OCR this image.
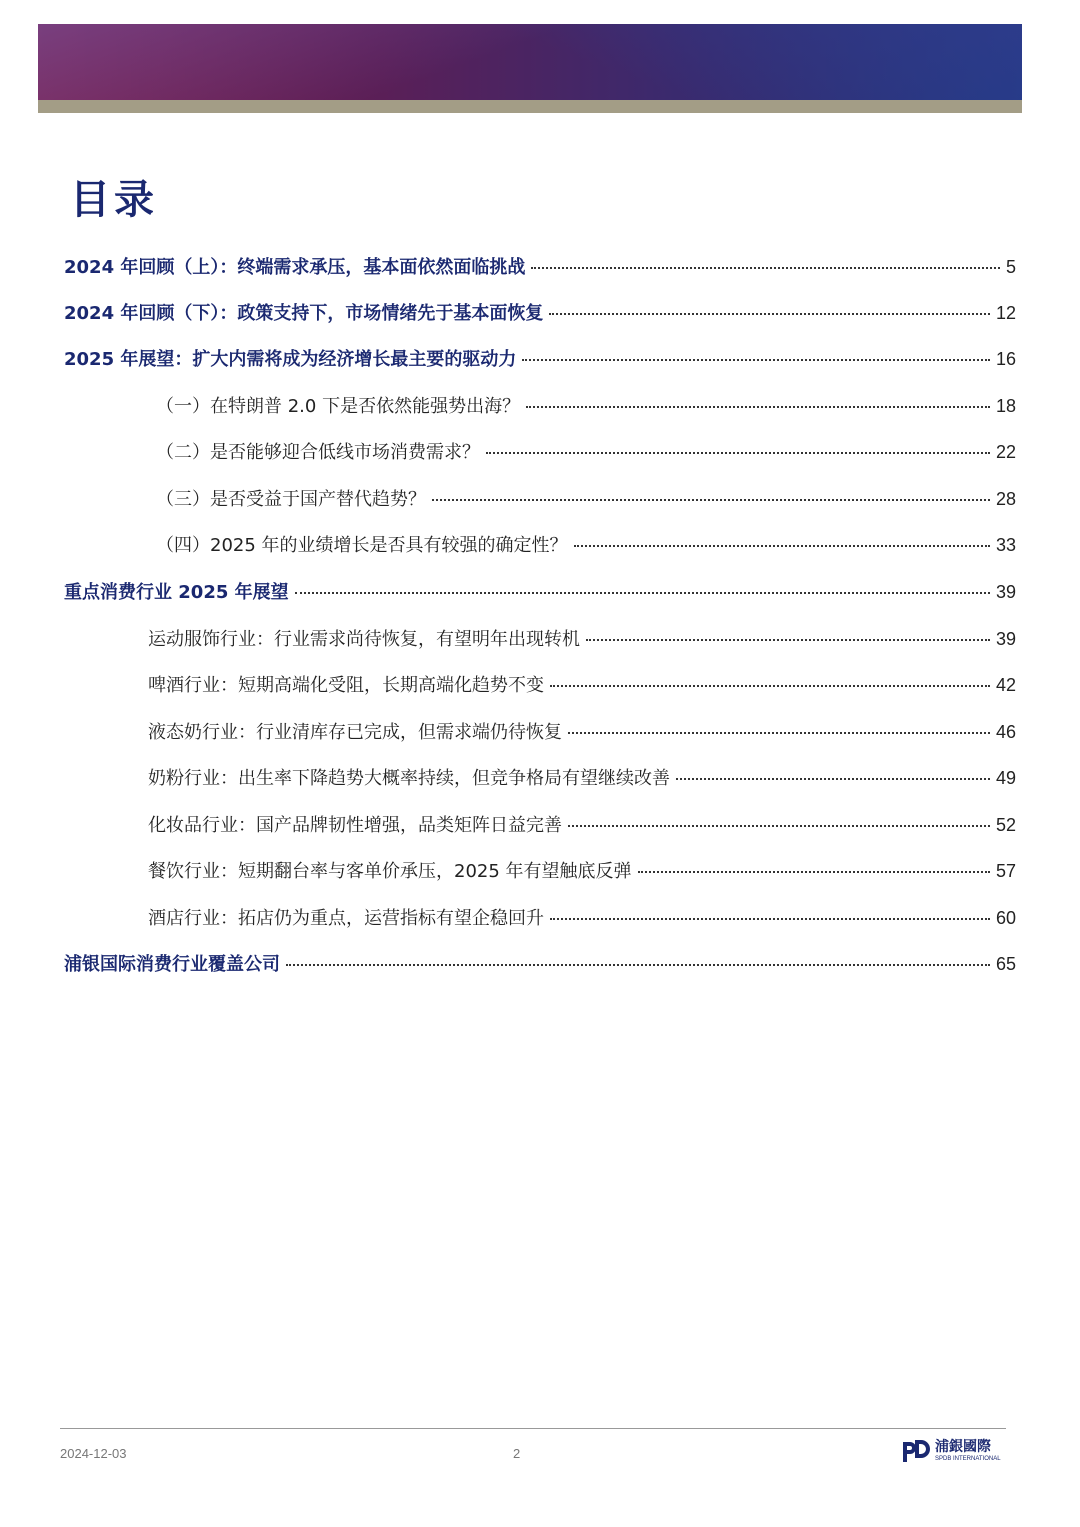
目录
2024 年回顾（上）：终端需求承压，基本面依然面临挑战	5
2024 年回顾（下）：政策支持下，市场情绪先于基本面恢复	12
2025 年展望：扩大内需将成为经济增长最主要的驱动力	16
（一）在特朗普 2.0 下是否依然能强势出海？	18
（二）是否能够迎合低线市场消费需求？	22
（三）是否受益于国产替代趋势？	28
（四）2025 年的业绩增长是否具有较强的确定性？	33
重点消费行业 2025 年展望	39
运动服饰行业：行业需求尚待恢复，有望明年出现转机	39
啤酒行业：短期高端化受阻，长期高端化趋势不变	42
液态奶行业：行业清库存已完成，但需求端仍待恢复	46
奶粉行业：出生率下降趋势大概率持续，但竞争格局有望继续改善	49
化妆品行业：国产品牌韧性增强，品类矩阵日益完善	52
餐饮行业：短期翻台率与客单价承压，2025 年有望触底反弹	57
酒店行业：拓店仍为重点，运营指标有望企稳回升	60
浦银国际消费行业覆盖公司	65
2024-12-03	2	浦銀國際
SPDB INTERNATIONAL
